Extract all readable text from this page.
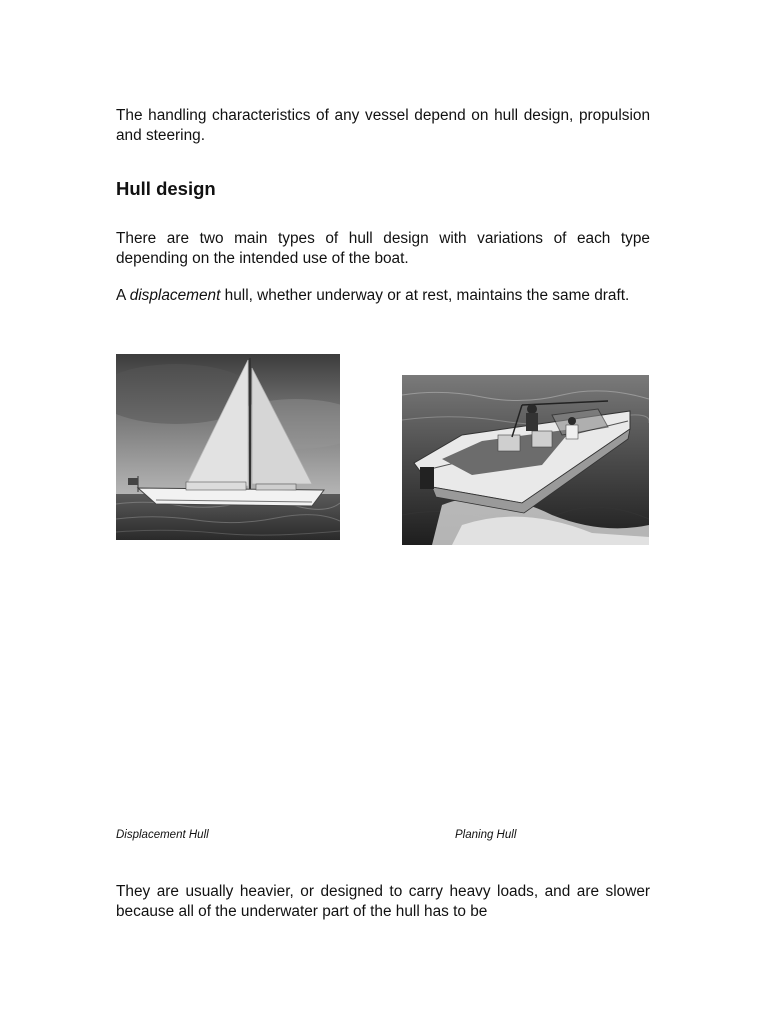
The handling characteristics of any vessel depend on hull design, propulsion and steering.

Hull design

There are two main types of hull design with variations of each type depending on the intended use of the boat.

A displacement hull, whether underway or at rest, maintains the same draft.

Displacement Hull	Planing Hull

They are usually heavier, or designed to carry heavy loads, and are slower because all of the underwater part of the hull has to be
